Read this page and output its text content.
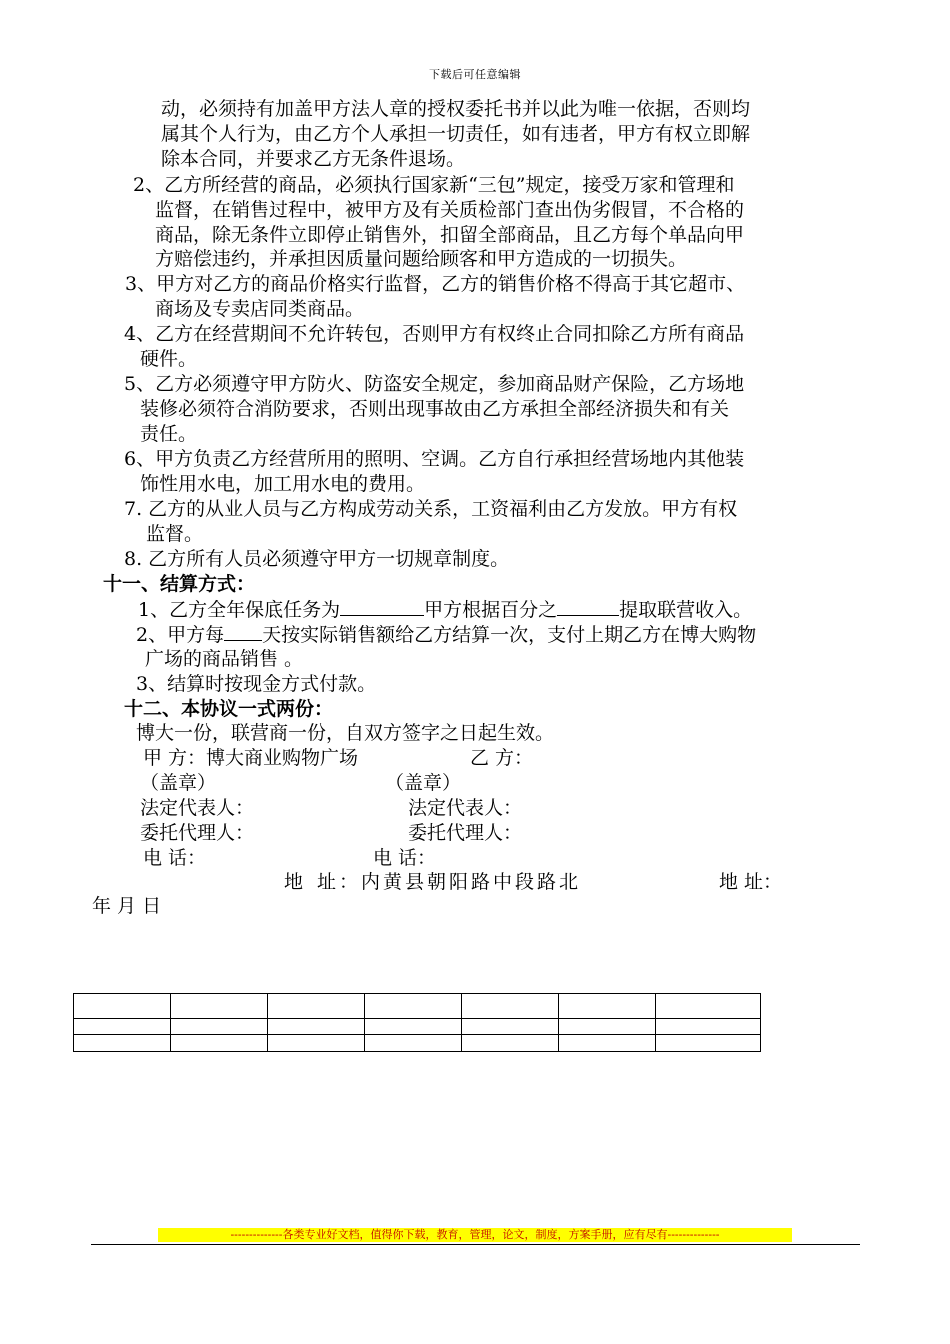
下载后可任意编辑
动，必须持有加盖甲方法人章的授权委托书并以此为唯一依据，否则均
属其个人行为，由乙方个人承担一切责任，如有违者，甲方有权立即解
除本合同，并要求乙方无条件退场。
2、乙方所经营的商品，必须执行国家新“三包”规定，接受万家和管理和
监督，在销售过程中，被甲方及有关质检部门查出伪劣假冒，不合格的
商品，除无条件立即停止销售外，扣留全部商品，且乙方每个单品向甲
方赔偿违约，并承担因质量问题给顾客和甲方造成的一切损失。
3、甲方对乙方的商品价格实行监督，乙方的销售价格不得高于其它超市、
商场及专卖店同类商品。
4、乙方在经营期间不允许转包，否则甲方有权终止合同扣除乙方所有商品
硬件。
5、乙方必须遵守甲方防火、防盗安全规定，参加商品财产保险，乙方场地
装修必须符合消防要求，否则出现事故由乙方承担全部经济损失和有关
责任。
6、甲方负责乙方经营所用的照明、空调。乙方自行承担经营场地内其他装
饰性用水电，加工用水电的费用。
7. 乙方的从业人员与乙方构成劳动关系，工资福利由乙方发放。甲方有权
监督。
8. 乙方所有人员必须遵守甲方一切规章制度。
十一、结算方式：
1、乙方全年保底任务为	甲方根据百分之	提取联营收入。
2、甲方每 天按实际销售额给乙方结算一次，支付上期乙方在博大购物
广场的商品销售 。
3、结算时按现金方式付款。
十二、本协议一式两份：
博大一份，联营商一份，自双方签字之日起生效。
甲 方：博大商业购物广场	乙 方：
（盖章）	（盖章）
法定代表人：	法定代表人：
委托代理人：	委托代理人：
电 话：	电 话：
地 址：内黄县朝阳路中段路北	地 址：
年 月 日

--------------各类专业好文档，值得你下载，教育，管理，论文，制度，方案手册，应有尽有--------------
